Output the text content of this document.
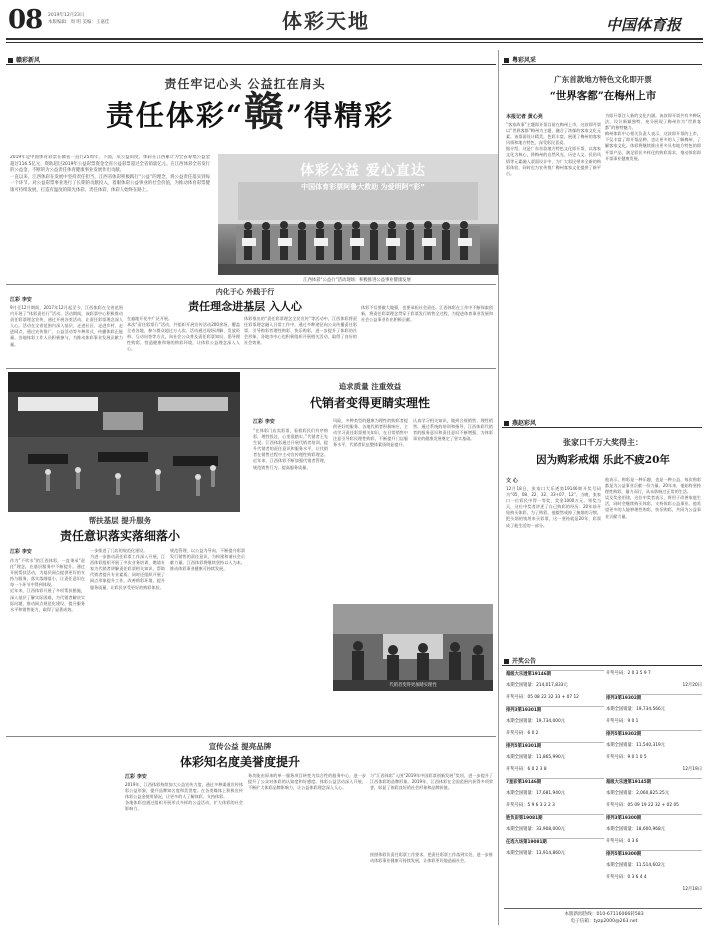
08 2019年12月23日
本版编辑：周 明 美编：王嘉佳	体彩天地	中国体育报
赣彩新风
责任牢记心头 公益扛在肩头
责任体彩“赣”得精彩
2019年是中国体育彩票在赣省一直行25周年，下面，从公益角度，体彩在江西累计为全省筹集公益金超过116.5亿元，资助超过2019年公益彩票资金全省公益彩票超过全省销量亿元。在江西体彩全省发行的公益金，不断的为公益责任体育健康事业发展作出贡献。
一直以来，江西体彩在发展中坚持责任担当，江西省体彩积极践行“公益”的理念，将公益责任落实到每一个环节。对公益彩票事业进行了长期的贡献投入，着眼体彩公益事业的社会价值，为推动体育彩票健康可持续发展，打造有温度的阳光体彩、责任体彩，体彩人始终在路上。
体彩公益 爱心直达
中国体育彩票阿鲁大救助 为爱明阿“彩”
江西体彩“公益行”活动现场：积极推进公益事业健康发展
内化于心 外践于行
责任理念进基层 入人心
江彩 李安
9月至12月期间，2017年12月起至今，江西体彩在全省范围内开展了“体彩责任行”活动。活动期间，该彩票中心积极推动责任彩票理念宣传，通过开展各类活动，让责任彩票理念深入人心。活动在全省范围内深入基层，走进社区、走进乡村、走进网点，通过宣传推广、公益活动等多种形式，传播体彩正能量。各地体彩工作人员积极参与，为推动体彩事业发展贡献力量。
在遍地开花中广泛开展。
本次“责任彩票行”活动，共组织开展宣传活动200余场，覆盖全省各地，参与群众超过万人次。活动通过现场讲解、发放资料、互动问答等方式，向社会公众普及责任彩票知识，倡导理性购彩，营造健康和谐的购彩环境，让体彩公益理念深入人心。
体彩推出的“责任彩票理念全民宣传”等活动中，江西体彩将责任彩票理念融入日常工作中，通过多种途径向公众传播责任彩票，引导购彩者理性购彩、快乐购彩，进一步提升了体彩的社会形象。各地市中心也积极组织开展相关活动，取得了良好的社会效果。
体彩不仅要做大做强，也要承担社会责任。江西体彩在工作中不断探索创新，将责任彩票理念贯穿于彩票发行销售全过程，为促进体育事业发展和社会公益事业作出积极贡献。
追求质量 注重效益
代销者变得更睛实理性
江彩 李安
“在体彩门店卖彩票，看着彩民们有序购彩，理性投注，心里很踏实。”代销者王先生说。江西体彩通过开展代销者培训，提升代销者的责任意识和服务水平，让代销者在销售过程中主动宣传理性购彩理念。近年来，江西体彩不断加强代销者管理，规范销售行为，提高服务质量。
风险，多种类型的健康为理性的购彩者提供更好的服务。各地代销者积极响应，主动学习责任彩票相关知识，在日常销售中注意引导彩民理性购彩，不断提升门店服务水平，代销者队伍整体素质明显提升。
认真学习相关知识，做到合规销售、理性销售。通过系统的培训和指导，江西体彩代销者的服务意识和责任意识不断增强，为体彩事业的健康发展奠定了坚实基础。
代销者变得更加睛实理性
帮扶基层 提升服务
责任意识落实落细落小
江彩 李安
作为“不吹水”的江西体彩，一直秉承“责任”理念，在基层服务中不断提升。通过开展帮扶活动，为基层网点提供更好的支持与服务，落实落细落小，让责任意识在每一个环节中得到体现。
近年来，江西体彩开展了多项帮扶措施，深入基层了解实际困难，为代销者解决实际问题，推动网点规范化建设，提升服务水平和销售能力，取得了显著成效。
一步推进了门店的规范化建设。
为进一步推动责任彩票工作深入开展，江西体彩组织开展了多次业务培训，邀请专家为代销者讲解责任彩票相关知识，帮助代销者提升专业素质。同时还组织开展了网点形象提升工作，改善购彩环境，提升服务质量，让彩民享受更好的购彩体验。
规范管理，以公益为导向，不断提升彩票发行销售的责任意识，为构建和谐社会贡献力量。江西体彩将继续坚持以人为本，推动体彩事业健康可持续发展。
宣传公益 提亮品牌
体彩知名度美誉度提升
江彩 李安
2019年，江西体彩持续加大公益宣传力度，通过多种渠道宣传体彩公益形象，提升品牌知名度和美誉度。在各类媒体上积极宣传体彩公益金使用情况，让更多的人了解体彩、支持体彩。
各地体彩也通过组织开展形式多样的公益活动，扩大体彩的社会影响力。
务功能由原来的单一服务项目转变为综合性的服务中心，进一步提升了公众对体彩的认知度和好感度。体彩公益活动深入开展，不断扩大体彩品牌影响力，让公益体彩理念深入人心。
与“江西体彩”入围“2019年中国彩票创新发展”奖项，进一步提升了江西体彩的品牌形象。2019年，江西体彩在全国范围内获得多项荣誉，彰显了体彩良好的社会形象和品牌价值。
按照体彩负责任彩票工作要求，把责任彩票工作落到实处，进一步推动体彩事业健康可持续发展，让体彩更好地造福社会。
粤彩风采
广东首款地方特色文化即开票
“世界客都”在梅州上市
本报记者 黄心亮
“客家故事”主题即开票目前在梅州上市，这款即开票以“世界客都”梅州为主题，融合了浓郁的客家文化元素。该票面设计精美，色彩丰富，展现了梅州的客家风情和地方特色，深受彩民喜爱。
据介绍，这是广东首款地方特色文化即开票，以客家文化为核心，将梅州的自然风光、历史人文、民俗风情等元素融入票面设计中，为广大彩民带来全新的购彩体验，同时也为宣传推广梅州客家文化提供了新平台。
为即开票注入新的文化内涵。该款即开票共有多种玩法，设计新颖独特，充分展现了梅州作为“世界客都”的独特魅力。
梅州体彩中心相关负责人表示，这款即开票的上市，不仅丰富了即开票品种，也让更多的人了解梅州、了解客家文化。体彩将继续推出更多具有地方特色的即开票产品，满足彩民多样化的购彩需求，推动体彩即开票事业健康发展。
燕赵彩风
张家口千万大奖得主：
因为购彩戒烟 乐此不疲20年
文 心
12月18日，张家口大乐透第19146期开奖号码为“05、08、22、32、33+07、12”。当晚，张家口一位彩民中得一等奖，奖金1000万元。领奖当天，这位中奖者讲述了自己购彩的经历：20年前开始购买体彩，为了购彩，他毅然戒掉了抽烟的习惯，把买烟的钱用来买彩票，这一坚持就是20年，彩票成了他生活的一部分。
他表示，购彩是一种乐趣，也是一种公益，每次购彩都是为公益事业贡献一份力量。20年来，他始终坚持理性购彩，量力而行，从未影响过正常的生活。
谈及奖金用途，这位中奖者表示，将用于改善家庭生活，同时会继续购买体彩，支持体彩公益事业。他希望更多的人能够理性购彩，快乐购彩，共同为公益事业贡献力量。
开奖公告
超级大乐透第19146期
本期全国销量：214,017,833元
开奖号码：05 08 22 32 33 + 07 12
排列3第19301期
本期全国销量：19,734,000元
开奖号码：6 0 2
排列5第19301期
本期全国销量：11,865,990元
开奖号码：6 0 2 3 8
7星彩第19146期
本期全国销量：17,681,940元
开奖号码：5 9 6 3 2 2 3
胜负彩第19081期
本期全国销量：33,908,000元
任选九场第19081期
本期全国销量：13,914,860元
开奖号码：2 0 3 5 9 7
12月20日
排列3第19302期
本期全国销量：19,734,566元
开奖号码：9 0 1
排列5第19302期
本期全国销量：11,540,319元
开奖号码：9 0 1 0 5
12月19日
超级大乐透第19145期
本期全国销量：2,060,825.25元
开奖号码：05 09 19 22 32 + 02 05
排列3第19300期
本期全国销量：18,600,968元
开奖号码：0 3 6
排列5第19300期
本期全国销量：11,514,602元
开奖号码：0 3 6 4 4
12月18日
本版新闻热线：010-67116066转583
电子信箱：tyzp2000@263.net
